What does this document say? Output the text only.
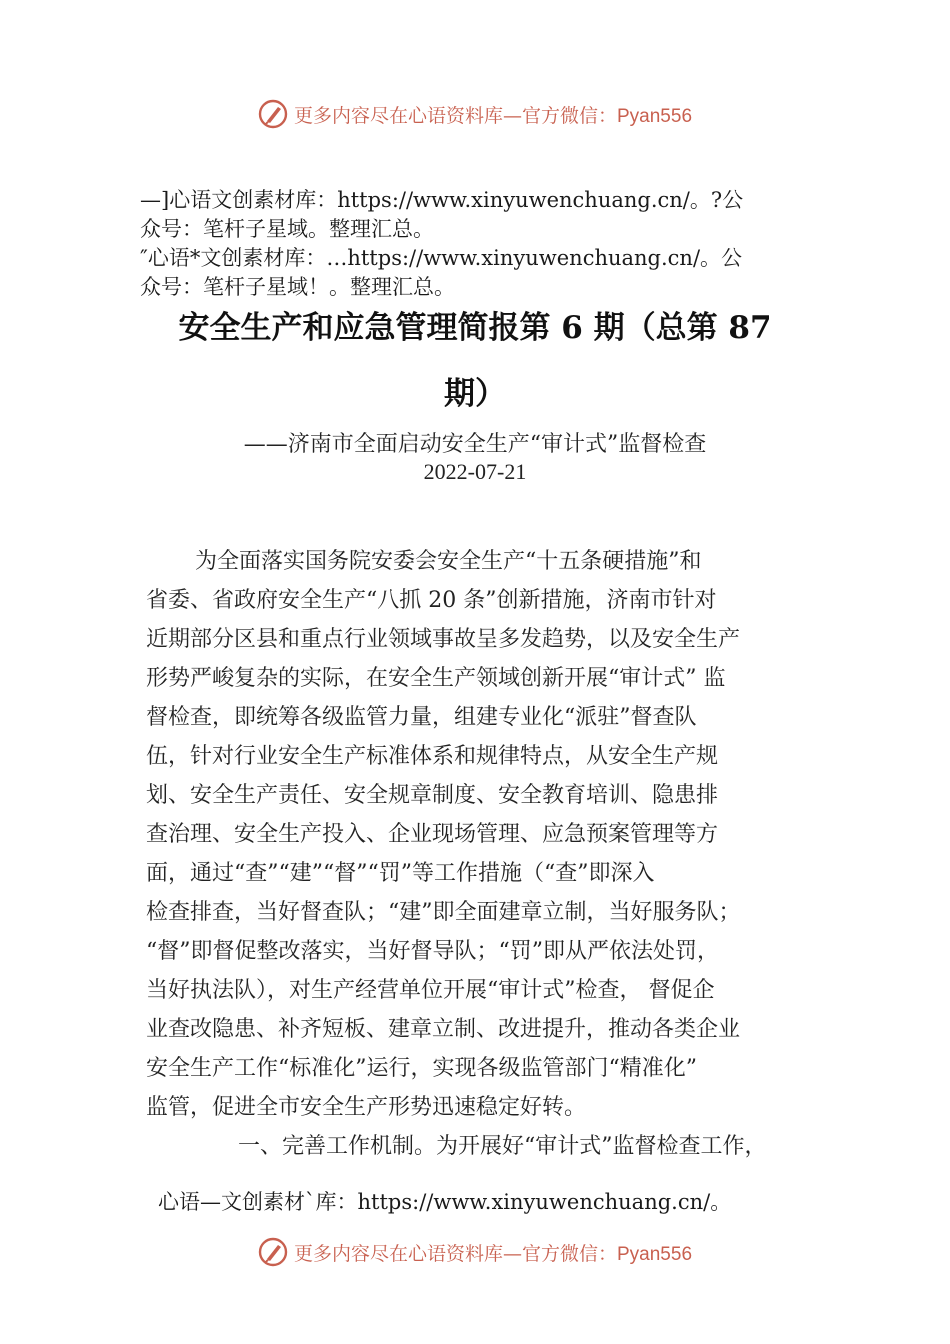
更多内容尽在心语资料库—官方微信：Pyan556
—]心语文创素材库：https://www.xinyuwenchuang.cn/。?公
众号：笔杆子星域。整理汇总。
″心语*文创素材库：…https://www.xinyuwenchuang.cn/。公
众号：笔杆子星域！。整理汇总。
安全生产和应急管理简报第 6 期（总第 87
期）
——济南市全面启动安全生产“审计式”监督检查
2022-07-21
为全面落实国务院安委会安全生产“十五条硬措施”和
省委、省政府安全生产“八抓 20 条”创新措施，济南市针对
近期部分区县和重点行业领域事故呈多发趋势，以及安全生产
形势严峻复杂的实际，在安全生产领域创新开展“审计式” 监
督检查，即统筹各级监管力量，组建专业化“派驻”督查队
伍，针对行业安全生产标准体系和规律特点，从安全生产规
划、安全生产责任、安全规章制度、安全教育培训、隐患排
查治理、安全生产投入、企业现场管理、应急预案管理等方
面，通过“查”“建”“督”“罚”等工作措施（“查”即深入
检查排查，当好督查队；“建”即全面建章立制，当好服务队；
“督”即督促整改落实，当好督导队；“罚”即从严依法处罚，
当好执法队），对生产经营单位开展“审计式”检查， 督促企
业查改隐患、补齐短板、建章立制、改进提升，推动各类企业
安全生产工作“标准化”运行，实现各级监管部门“精准化”
监管，促进全市安全生产形势迅速稳定好转。
一、完善工作机制。为开展好“审计式”监督检查工作，
心语—文创素材`库：https://www.xinyuwenchuang.cn/。
更多内容尽在心语资料库—官方微信：Pyan556
